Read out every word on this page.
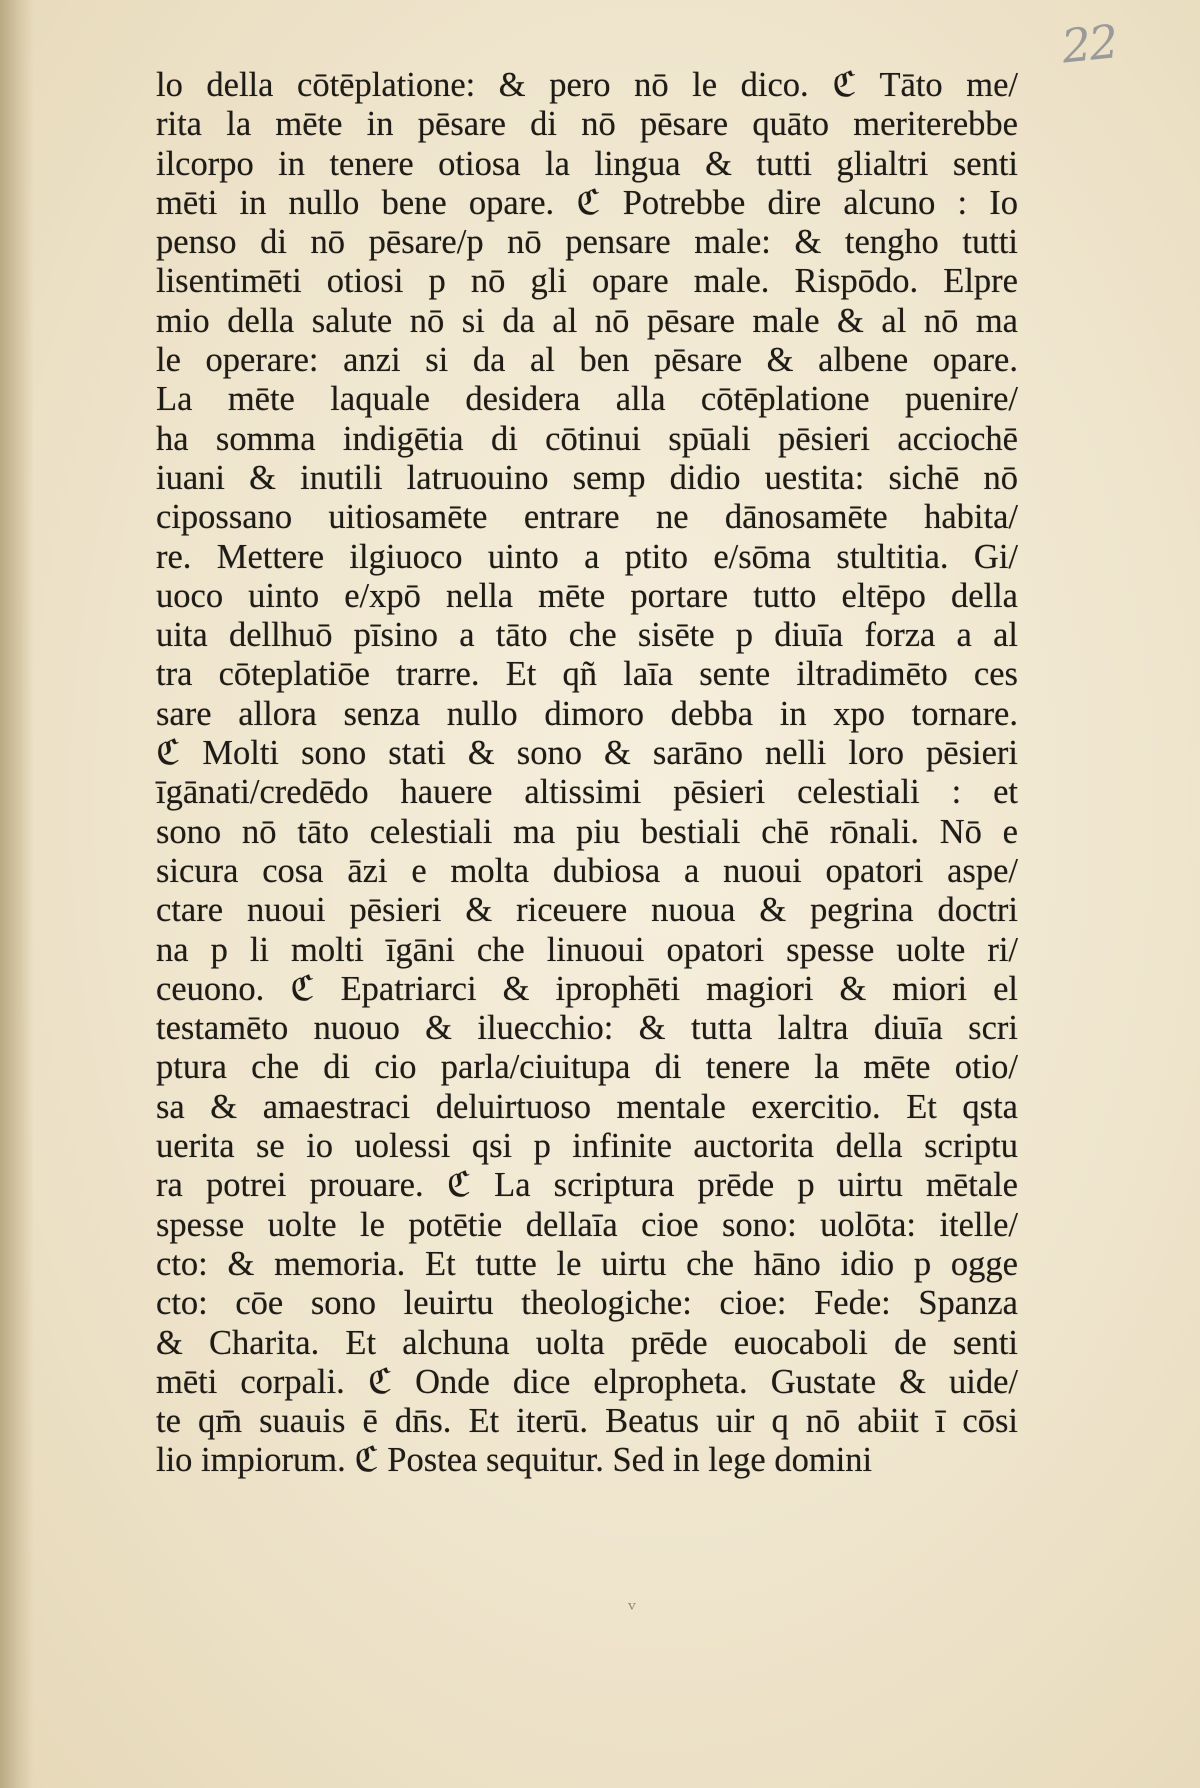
22
lo della cōtēplatione: & pero nō le dico. ℭ Tāto me/
rita la mēte in pēsare di nō pēsare quāto meriterebbe
ilcorpo in tenere otiosa la lingua & tutti glialtri senti
mēti in nullo bene opare. ℭ Potrebbe dire alcuno : Io
penso di nō pēsare/p nō pensare male: & tengho tutti
lisentimēti otiosi p nō gli opare male. Rispōdo. Elpre
mio della salute nō si da al nō pēsare male & al nō ma
le operare: anzi si da al ben pēsare & albene opare.
La mēte laquale desidera alla cōtēplatione puenire/
ha somma indigētia di cōtinui spūali pēsieri acciochē
iuani & inutili latruouino semp didio uestita: sichē nō
cipossano uitiosamēte entrare ne dānosamēte habita/
re. Mettere ilgiuoco uinto a ptito e/sōma stultitia. Gi/
uoco uinto e/xpō nella mēte portare tutto eltēpo della
uita dellhuō pīsino a tāto che sisēte p diuīa forza a al
tra cōteplatiōe trarre. Et qñ laīa sente iltradimēto ces
sare allora senza nullo dimoro debba in xpo tornare.
ℭ Molti sono stati & sono & sarāno nelli loro pēsieri
īgānati/credēdo hauere altissimi pēsieri celestiali : et
sono nō tāto celestiali ma piu bestiali chē rōnali. Nō e
sicura cosa āzi e molta dubiosa a nuoui opatori aspe/
ctare nuoui pēsieri & riceuere nuoua & pegrina doctri
na p li molti īgāni che linuoui opatori spesse uolte ri/
ceuono. ℭ Epatriarci & iprophēti magiori & miori el
testamēto nuouo & iluecchio: & tutta laltra diuīa scri
ptura che di cio parla/ciuitupa di tenere la mēte otio/
sa & amaestraci deluirtuoso mentale exercitio. Et qsta
uerita se io uolessi qsi p infinite auctorita della scriptu
ra potrei prouare. ℭ La scriptura prēde p uirtu mētale
spesse uolte le potētie dellaīa cioe sono: uolōta: itelle/
cto: & memoria. Et tutte le uirtu che hāno idio p ogge
cto: cōe sono leuirtu theologiche: cioe: Fede: Spanza
& Charita. Et alchuna uolta prēde euocaboli de senti
mēti corpali. ℭ Onde dice elpropheta. Gustate & uide/
te qm̄ suauis ē dn̄s. Et iterū. Beatus uir q nō abiit ī cōsi
lio impiorum. ℭ Postea sequitur. Sed in lege domini
ᵛ
